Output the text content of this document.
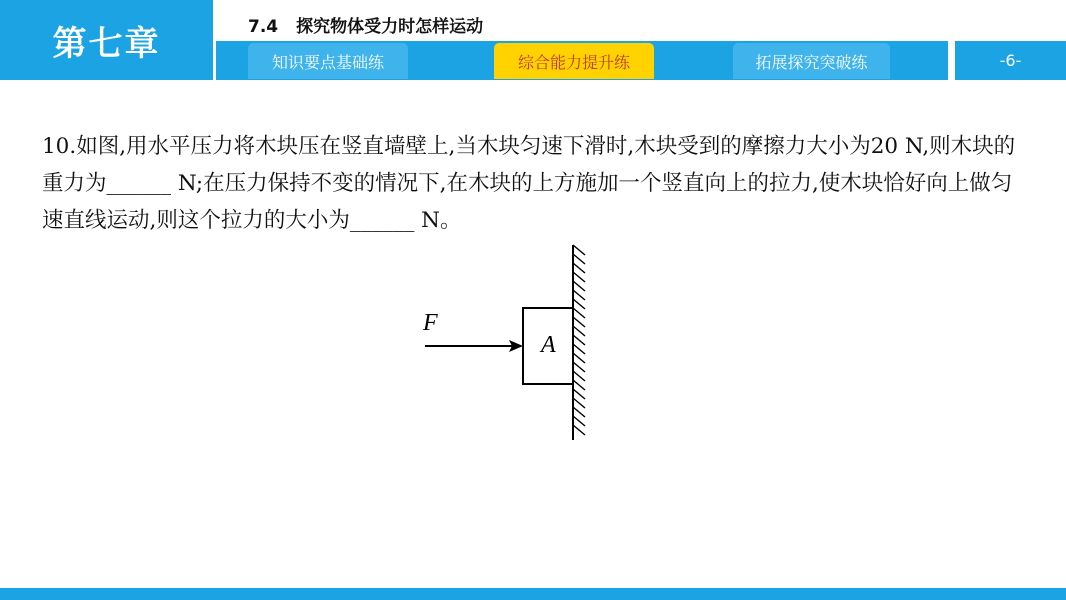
第七章	7.4 探究物体受力时怎样运动
知识要点基础练	综合能力提升练	拓展探究突破练	-6-
10.如图,用水平压力将木块压在竖直墙壁上,当木块匀速下滑时,木块受到的摩擦力大小为20 N,则木块的重力为______ N;在压力保持不变的情况下,在木块的上方施加一个竖直向上的拉力,使木块恰好向上做匀速直线运动,则这个拉力的大小为______ N。
A
F
